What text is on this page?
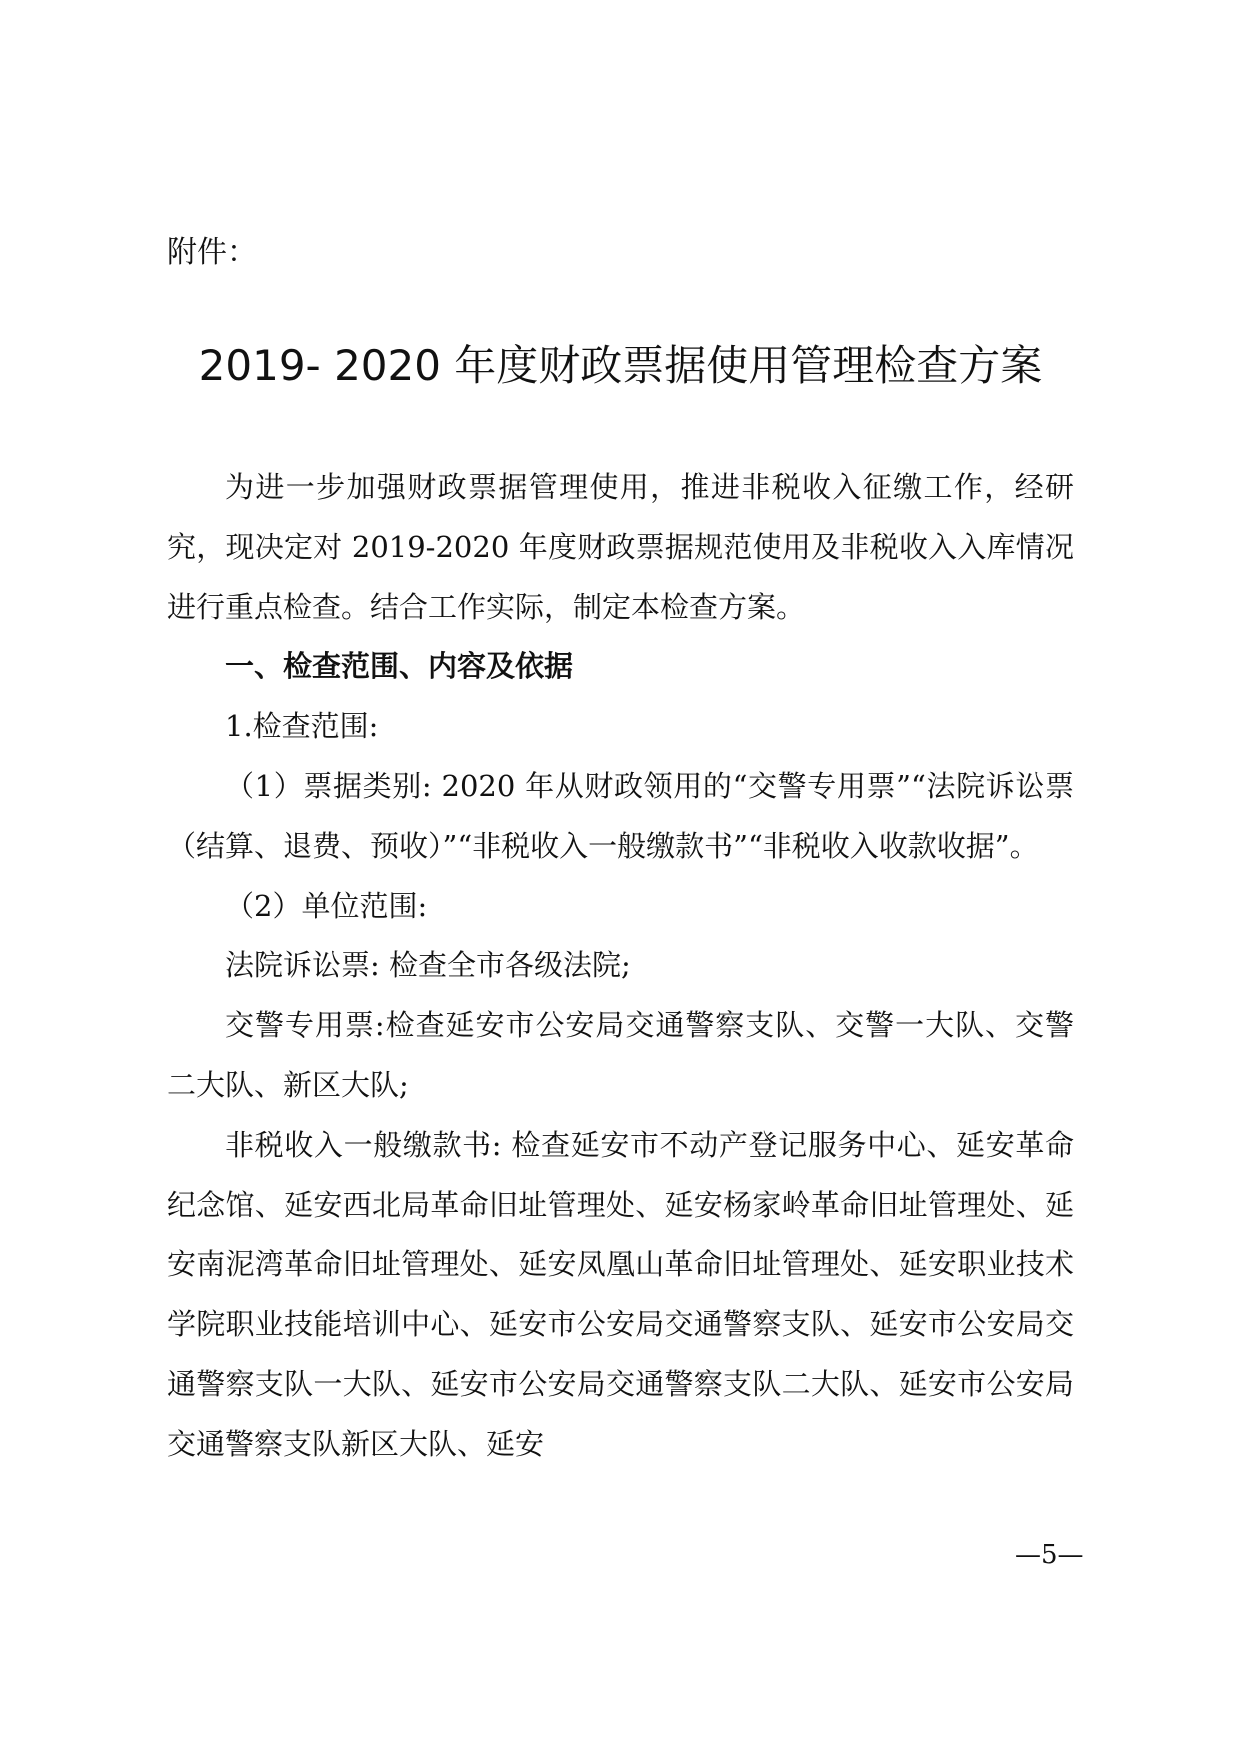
附件：
2019- 2020 年度财政票据使用管理检查方案

为进一步加强财政票据管理使用，推进非税收入征缴工作，经研究，现决定对 2019-2020 年度财政票据规范使用及非税收入入库情况进行重点检查。结合工作实际，制定本检查方案。

一、检查范围、内容及依据

1.检查范围:

（1）票据类别: 2020 年从财政领用的“交警专用票”“法院诉讼票（结算、退费、预收）”“非税收入一般缴款书”“非税收入收款收据”。

（2）单位范围:

法院诉讼票: 检查全市各级法院;

交警专用票:检查延安市公安局交通警察支队、交警一大队、交警二大队、新区大队;

非税收入一般缴款书: 检查延安市不动产登记服务中心、延安革命纪念馆、延安西北局革命旧址管理处、延安杨家岭革命旧址管理处、延安南泥湾革命旧址管理处、延安凤凰山革命旧址管理处、延安职业技术学院职业技能培训中心、延安市公安局交通警察支队、延安市公安局交通警察支队一大队、延安市公安局交通警察支队二大队、延安市公安局交通警察支队新区大队、延安

—5—
